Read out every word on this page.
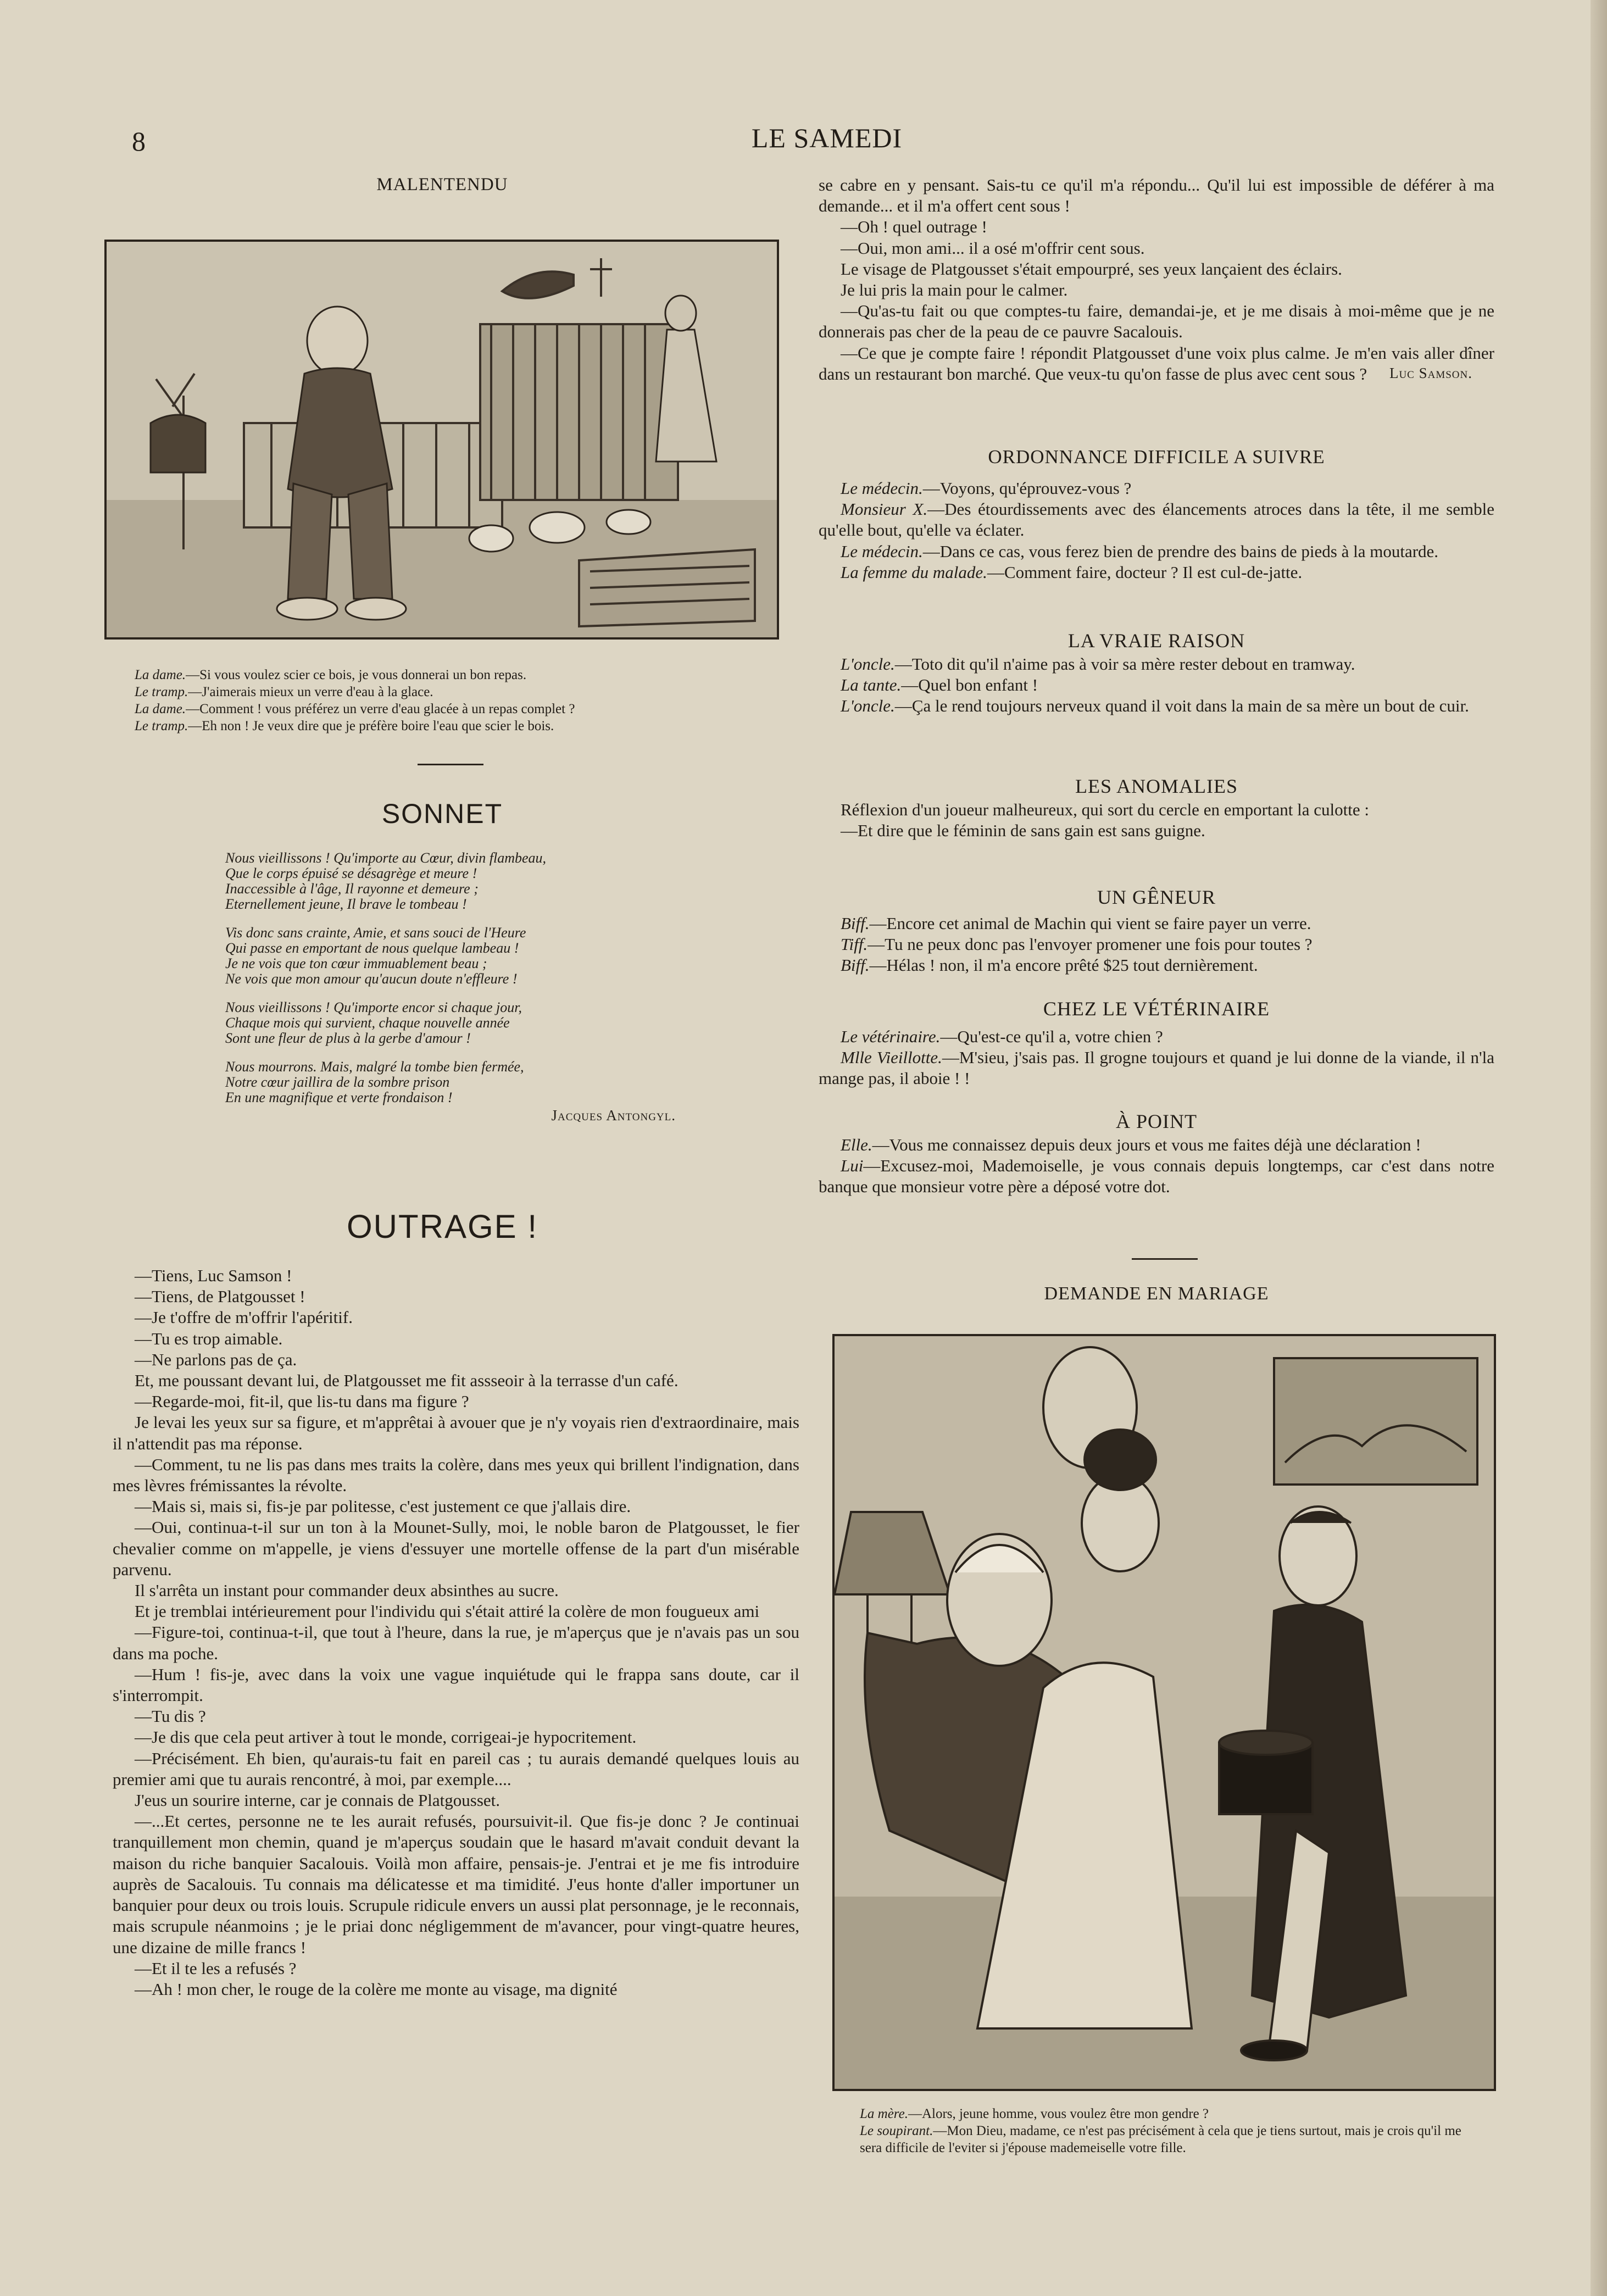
8	LE SAMEDI
MALENTENDU

La dame.—Si vous voulez scier ce bois, je vous donnerai un bon repas.

Le tramp.—J'aimerais mieux un verre d'eau à la glace.

La dame.—Comment ! vous préférez un verre d'eau glacée à un repas complet ?

Le tramp.—Eh non ! Je veux dire que je préfère boire l'eau que scier le bois.

SONNET
Nous vieillissons ! Qu'importe au Cœur, divin flambeau,
Que le corps épuisé se désagrège et meure !
Inaccessible à l'âge, Il rayonne et demeure ;
Eternellement jeune, Il brave le tombeau !
Vis donc sans crainte, Amie, et sans souci de l'Heure
Qui passe en emportant de nous quelque lambeau !
Je ne vois que ton cœur immuablement beau ;
Ne vois que mon amour qu'aucun doute n'effleure !
Nous vieillissons ! Qu'importe encor si chaque jour,
Chaque mois qui survient, chaque nouvelle année
Sont une fleur de plus à la gerbe d'amour !
Nous mourrons. Mais, malgré la tombe bien fermée,
Notre cœur jaillira de la sombre prison
En une magnifique et verte frondaison !
Jacques Antongyl.
OUTRAGE !

—Tiens, Luc Samson !

—Tiens, de Platgousset !

—Je t'offre de m'offrir l'apéritif.

—Tu es trop aimable.

—Ne parlons pas de ça.

Et, me poussant devant lui, de Platgousset me fit assseoir à la terrasse d'un café.

—Regarde-moi, fit-il, que lis-tu dans ma figure ?

Je levai les yeux sur sa figure, et m'apprêtai à avouer que je n'y voyais rien d'extraordinaire, mais il n'attendit pas ma réponse.

—Comment, tu ne lis pas dans mes traits la colère, dans mes yeux qui brillent l'indignation, dans mes lèvres frémissantes la révolte.

—Mais si, mais si, fis-je par politesse, c'est justement ce que j'allais dire.

—Oui, continua-t-il sur un ton à la Mounet-Sully, moi, le noble baron de Platgousset, le fier chevalier comme on m'appelle, je viens d'essuyer une mortelle offense de la part d'un misérable parvenu.

Il s'arrêta un instant pour commander deux absinthes au sucre.

Et je tremblai intérieurement pour l'individu qui s'était attiré la colère de mon fougueux ami

—Figure-toi, continua-t-il, que tout à l'heure, dans la rue, je m'aperçus que je n'avais pas un sou dans ma poche.

—Hum ! fis-je, avec dans la voix une vague inquiétude qui le frappa sans doute, car il s'interrompit.

—Tu dis ?

—Je dis que cela peut artiver à tout le monde, corrigeai-je hypocritement.

—Précisément. Eh bien, qu'aurais-tu fait en pareil cas ; tu aurais demandé quelques louis au premier ami que tu aurais rencontré, à moi, par exemple....

J'eus un sourire interne, car je connais de Platgousset.

—...Et certes, personne ne te les aurait refusés, poursuivit-il. Que fis-je donc ? Je continuai tranquillement mon chemin, quand je m'aperçus soudain que le hasard m'avait conduit devant la maison du riche banquier Sacalouis. Voilà mon affaire, pensais-je. J'entrai et je me fis introduire auprès de Sacalouis. Tu connais ma délicatesse et ma timidité. J'eus honte d'aller importuner un banquier pour deux ou trois louis. Scrupule ridicule envers un aussi plat personnage, je le reconnais, mais scrupule néanmoins ; je le priai donc négligemment de m'avancer, pour vingt-quatre heures, une dizaine de mille francs !

—Et il te les a refusés ?

—Ah ! mon cher, le rouge de la colère me monte au visage, ma dignité

se cabre en y pensant. Sais-tu ce qu'il m'a répondu... Qu'il lui est impossible de déférer à ma demande... et il m'a offert cent sous !

—Oh ! quel outrage !

—Oui, mon ami... il a osé m'offrir cent sous.

Le visage de Platgousset s'était empourpré, ses yeux lançaient des éclairs.

Je lui pris la main pour le calmer.

—Qu'as-tu fait ou que comptes-tu faire, demandai-je, et je me disais à moi-même que je ne donnerais pas cher de la peau de ce pauvre Sacalouis.

—Ce que je compte faire ! répondit Platgousset d'une voix plus calme. Je m'en vais aller dîner dans un restaurant bon marché. Que veux-tu qu'on fasse de plus avec cent sous ?	Luc Samson.
ORDONNANCE DIFFICILE A SUIVRE

Le médecin.—Voyons, qu'éprouvez-vous ?

Monsieur X.—Des étourdissements avec des élancements atroces dans la tête, il me semble qu'elle bout, qu'elle va éclater.

Le médecin.—Dans ce cas, vous ferez bien de prendre des bains de pieds à la moutarde.

La femme du malade.—Comment faire, docteur ? Il est cul-de-jatte.

LA VRAIE RAISON

L'oncle.—Toto dit qu'il n'aime pas à voir sa mère rester debout en tramway.

La tante.—Quel bon enfant !

L'oncle.—Ça le rend toujours nerveux quand il voit dans la main de sa mère un bout de cuir.

LES ANOMALIES

Réflexion d'un joueur malheureux, qui sort du cercle en emportant la culotte :

—Et dire que le féminin de sans gain est sans guigne.

UN GÊNEUR

Biff.—Encore cet animal de Machin qui vient se faire payer un verre.

Tiff.—Tu ne peux donc pas l'envoyer promener une fois pour toutes ?

Biff.—Hélas ! non, il m'a encore prêté $25 tout dernièrement.

CHEZ LE VÉTÉRINAIRE

Le vétérinaire.—Qu'est-ce qu'il a, votre chien ?

Mlle Vieillotte.—M'sieu, j'sais pas. Il grogne toujours et quand je lui donne de la viande, il n'la mange pas, il aboie ! !

À POINT

Elle.—Vous me connaissez depuis deux jours et vous me faites déjà une déclaration !

Lui—Excusez-moi, Mademoiselle, je vous connais depuis longtemps, car c'est dans notre banque que monsieur votre père a déposé votre dot.

DEMANDE EN MARIAGE

La mère.—Alors, jeune homme, vous voulez être mon gendre ?

Le soupirant.—Mon Dieu, madame, ce n'est pas précisément à cela que je tiens surtout, mais je crois qu'il me sera difficile de l'eviter si j'épouse mademeiselle votre fille.
